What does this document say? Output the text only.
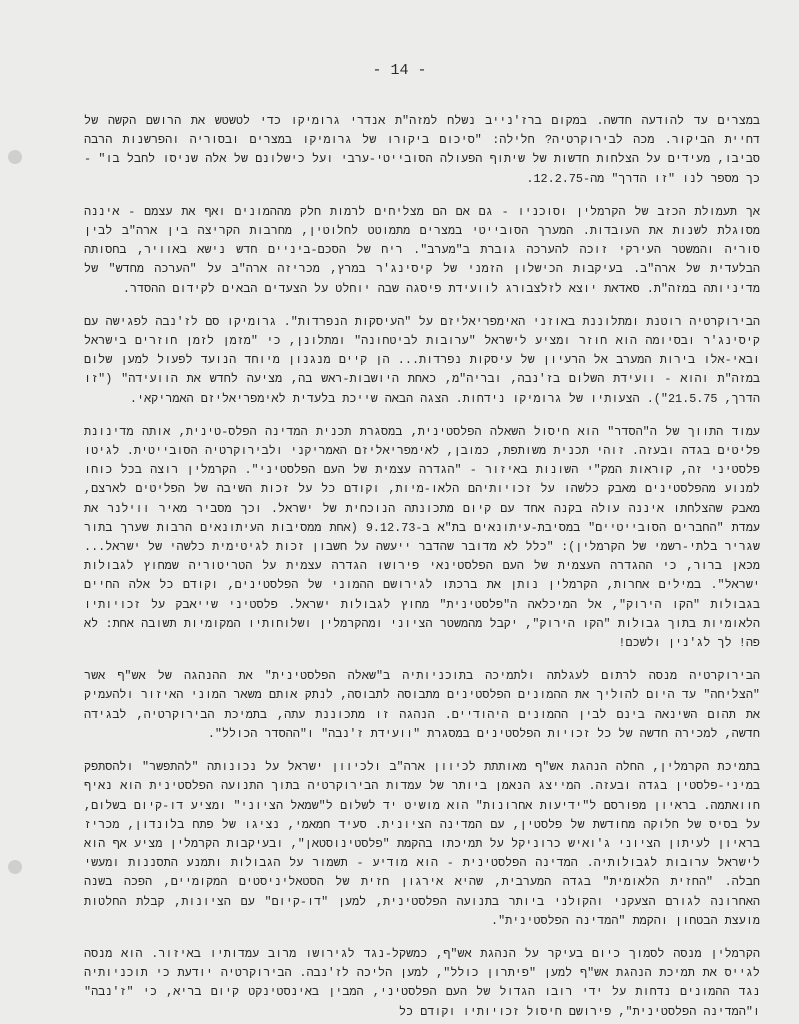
- 14 -

במצרים עד להודעה חדשה. במקום ברז'נייב נשלח למזה"ת אנדרי גרומיקו כדי לטשטש את הרושם הקשה של דחיית הביקור. מכה לבירוקרטיה? חלילה: "סיכום ביקורו של גרומיקו במצרים ובסוריה והפרשנות הרבה סביבו, מעידים על הצלחות חדשות של שיתוף הפעולה הסובייטי-ערבי ועל כישלונם של אלה שניסו לחבל בו" - כך מספר לנו "זו הדרך" מה-12.2.75.

אך תעמולת הכזב של הקרמלין וסוכניו - גם אם הם מצליחים לרמות חלק מההמונים ואף את עצמם - איננה מסוגלת לשנות את העובדות. המערך הסובייטי במצרים מתמוטט לחלוטין, מחרבות הקריצה בין ארה"ב לבין סוריה והמשטר העירקי זוכה להערכה גוברת ב"מערב". ריח של הסכם-ביניים חדש נישא באוויר, בחסותה הבלעדית של ארה"ב. בעיקבות הכישלון הזמני של קיסינג'ר במרץ, מכריזה ארה"ב על "הערכה מחדש" של מדיניותה במזה"ת. סאדאת יוצא לזלצבורג לוועידת פיסגה שבה יוחלט על הצעדים הבאים לקידום ההסדר.

הבירוקרטיה רוטנת ומתלוננת באוזני האימפריאליזם על "העיסקות הנפרדות". גרומיקו סם לז'נבה לפגישה עם קיסינג'ר ובסיומה הוא חוזר ומציע לישראל "ערובות לביטחונה" ומתלונן, כי "מזמן לזמן חוזרים בישראל ובאי-אלו בירות המערב אל הרעיון של עיסקות נפרדות... הן קיים מנגנון מיוחד הנועד לפעול למען שלום במזה"ת והוא - וועידת השלום בז'נבה, ובריה"מ, כאחת היושבות-ראש בה, מציעה לחדש את הוועידה" ("זו הדרך, 21.5.75"). הצעותיו של גרומיקו נידחות. הצגה הבאה שייכת בלעדית לאימפריאליזם האמריקאי.

עמוד התווך של ה"הסדר" הוא חיסול השאלה הפלסטינית, במסגרת תכנית המדינה הפלס-טינית, אותה מדינונת פליטים בגדה ובעזה. זוהי תכנית משותפת, כמובן, לאימפריאליזם האמריקני ולבירוקרטיה הסובייטית. לגיטו פלסטיני זה, קוראות המק"י השונות באיזור - "הגדרה עצמית של העם הפלסטיני". הקרמלין רוצה בכל כוחו למנוע מהפלסטינים מאבק כלשהו על זכויותיהם הלאו-מיות, וקודם כל על זכות השיבה של הפליטים לארצם, מאבק שהצלחתו איננה עולה בקנה אחד עם קיום מתכונתה הנוכחית של ישראל. וכך מסביר מאיר ווילנר את עמדת "החברים הסובייטיים" במסיבת-עיתונאים בת"א ב-9.12.73 (אחת ממסיבות העיתונאים הרבות שערך בתור שגריר בלתי-רשמי של הקרמלין): "כלל לא מדובר שהדבר ייעשה על חשבון זכות לגיטימית כלשהי של ישראל... מכאן ברור, כי ההגדרה העצמית של העם הפלסטינאי פירושו הגדרה עצמית על הטריטוריה שמחוץ לגבולות ישראל". במילים אחרות, הקרמלין נותן את ברכתו לגירושם ההמוני של הפלסטינים, וקודם כל אלה החיים בגבולות "הקו הירוק", אל המיכלאה ה"פלסטינית" מחוץ לגבולות ישראל. פלסטיני שייאבק על זכויותיו הלאומיות בתוך גבולות "הקו הירוק", יקבל מהמשטר הציוני ומהקרמלין ושלוחותיו המקומיות תשובה אחת: לא פה! לך לג'נין ולשכם!

הבירוקרטיה מנסה לרתום לעגלתה ולתמיכה בתוכניותיה ב"שאלה הפלסטינית" את ההנהגה של אש"ף אשר "הצליחה" עד היום להוליך את ההמונים הפלסטינים מתבוסה לתבוסה, לנתק אותם משאר המוני האיזור ולהעמיק את תהום השינאה בינם לבין ההמונים היהודיים. הנהגה זו מתכוננת עתה, בתמיכת הבירוקרטיה, לבגידה חדשה, למכירה חדשה של כל זכויות הפלסטינים במסגרת "וועידת ז'נבה" ו"ההסדר הכולל".

בתמיכת הקרמלין, החלה הנהגת אש"ף מאותתת לכיוון ארה"ב ולכיוון ישראל על נכונותה "להתפשר" ולהסתפק במיני-פלסטין בגדה ובעזה. המייצג הנאמן ביותר של עמדות הבירוקרטיה בתוך התנועה הפלסטינית הוא נאיף חוואתמה. בראיון מפורסם ל"ידיעות אחרונות" הוא מושיט יד לשלום ל"שמאל הציוני" ומציע דו-קיום בשלום, על בסיס של חלוקה מחודשת של פלסטין, עם המדינה הציונית. סעיד חמאמי, נציגו של פתח בלונדון, מכריז בראיון לעיתון הציוני ג'ואיש כרוניקל על תמיכתו בהקמת "פלסטינוסטאן", ובעיקבות הקרמלין מציע אף הוא לישראל ערובות לגבולותיה. המדינה הפלסטינית - הוא מודיע - תשמור על הגבולות ותמנע התסננות ומעשי חבלה. "החזית הלאומית" בגדה המערבית, שהיא אירגון חזית של הסטאליניסטים המקומיים, הפכה בשנה האחרונה לגורם הצעקני והקולני ביותר בתנועה הפלסטינית, למען "דו-קיום" עם הציונות, קבלת החלטות מועצת הבטחון והקמת "המדינה הפלסטינית".

הקרמלין מנסה לסמוך כיום בעיקר על הנהגת אש"ף, כמשקל-נגד לגירושו מרוב עמדותיו באיזור. הוא מנסה לגייס את תמיכת הנהגת אש"ף למען "פיתרון כולל", למען הליכה לז'נבה. הבירוקרטיה יודעת כי תוכניותיה נגד ההמונים נדחות על ידי רובו הגדול של העם הפלסטיני, המבין באינסטינקט קיום בריא, כי "ז'נבה" ו"המדינה הפלסטינית", פירושם חיסול זכויותיו וקודם כל
